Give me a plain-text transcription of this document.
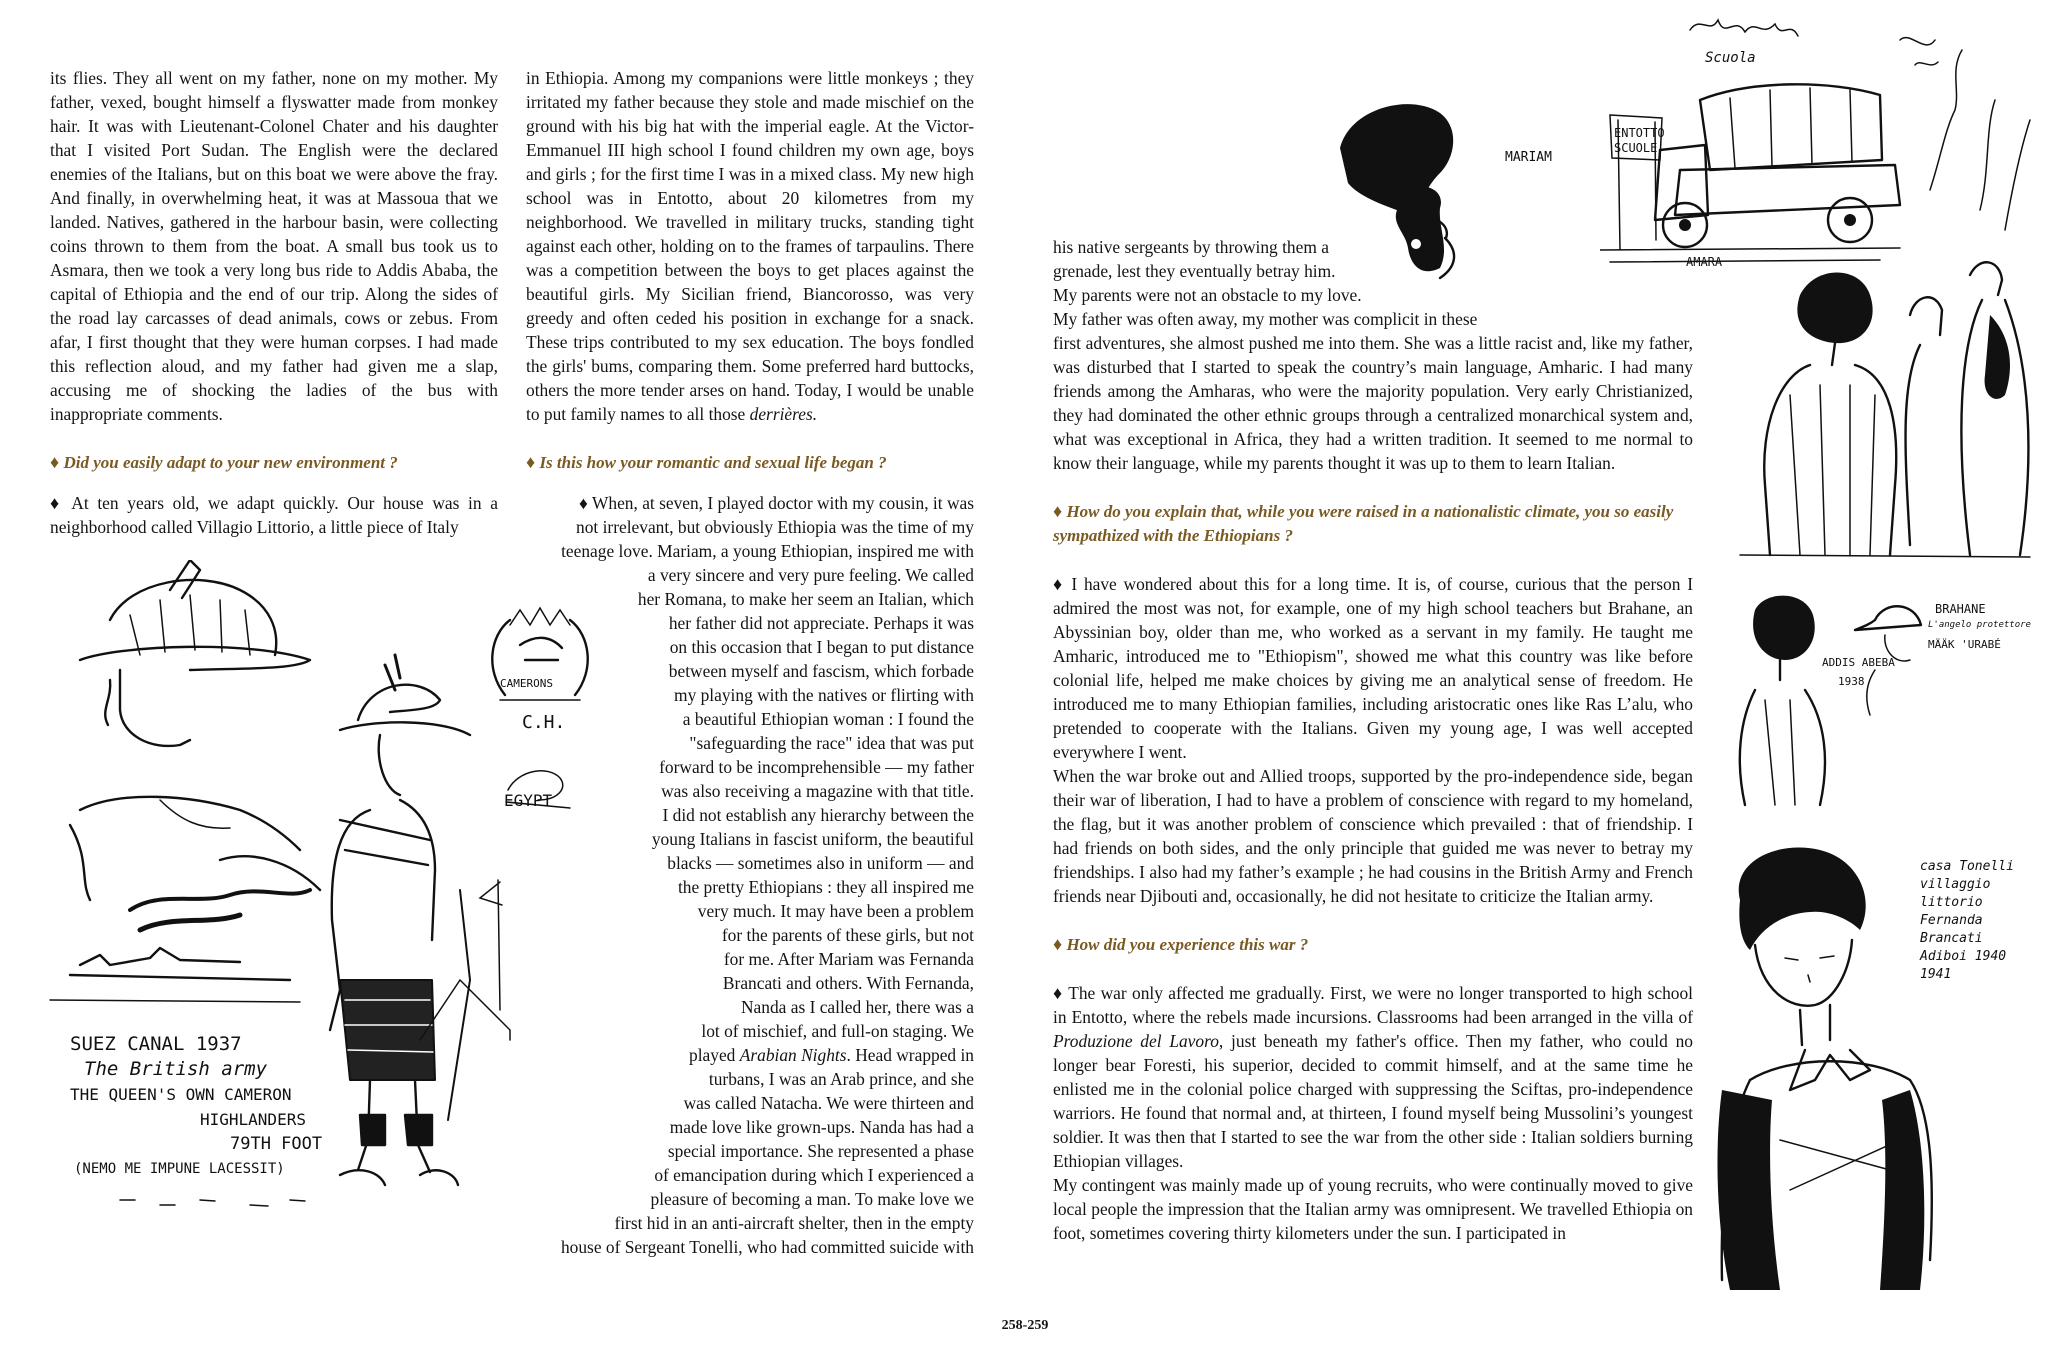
its flies. They all went on my father, none on my mother. My father, vexed, bought himself a flyswatter made from monkey hair. It was with Lieutenant-Colonel Chater and his daughter that I visited Port Sudan. The English were the declared enemies of the Italians, but on this boat we were above the fray. And finally, in overwhelming heat, it was at Massoua that we landed. Natives, gathered in the harbour basin, were collecting coins thrown to them from the boat. A small bus took us to Asmara, then we took a very long bus ride to Addis Ababa, the capital of Ethiopia and the end of our trip. Along the sides of the road lay carcasses of dead animals, cows or zebus. From afar, I first thought that they were human corpses. I had made this reflection aloud, and my father had given me a slap, accusing me of shocking the ladies of the bus with inappropriate comments.

♦ Did you easily adapt to your new environment ?

♦ At ten years old, we adapt quickly. Our house was in a neighborhood called Villagio Littorio, a little piece of Italy

in Ethiopia. Among my companions were little monkeys ; they irritated my father because they stole and made mischief on the ground with his big hat with the imperial eagle. At the Victor-Emmanuel III high school I found children my own age, boys and girls ; for the first time I was in a mixed class. My new high school was in Entotto, about 20 kilometres from my neighborhood. We travelled in military trucks, standing tight against each other, holding on to the frames of tarpaulins. There was a competition between the boys to get places against the beautiful girls. My Sicilian friend, Biancorosso, was very greedy and often ceded his position in exchange for a snack. These trips contributed to my sex education. The boys fondled the girls' bums, comparing them. Some preferred hard buttocks, others the more tender arses on hand. Today, I would be unable to put family names to all those derrières.

♦ Is this how your romantic and sexual life began ?

♦ When, at seven, I played doctor with my cousin, it was
not irrelevant, but obviously Ethiopia was the time of my
teenage love. Mariam, a young Ethiopian, inspired me with
a very sincere and very pure feeling. We called
her Romana, to make her seem an Italian, which
her father did not appreciate. Perhaps it was
on this occasion that I began to put distance
between myself and fascism, which forbade
my playing with the natives or flirting with
a beautiful Ethiopian woman : I found the
"safeguarding the race" idea that was put
forward to be incomprehensible — my father
was also receiving a magazine with that title.
I did not establish any hierarchy between the
young Italians in fascist uniform, the beautiful
blacks — sometimes also in uniform — and
the pretty Ethiopians : they all inspired me
very much. It may have been a problem
for the parents of these girls, but not
for me. After Mariam was Fernanda
Brancati and others. With Fernanda,
Nanda as I called her, there was a
lot of mischief, and full-on staging. We
played Arabian Nights. Head wrapped in
turbans, I was an Arab prince, and she
was called Natacha. We were thirteen and
made love like grown-ups. Nanda has had a
special importance. She represented a phase
of emancipation during which I experienced a
pleasure of becoming a man. To make love we
first hid in an anti-aircraft shelter, then in the empty
house of Sergeant Tonelli, who had committed suicide with
his native sergeants by throwing them a
grenade, lest they eventually betray him.
My parents were not an obstacle to my love.
My father was often away, my mother was complicit in these

first adventures, she almost pushed me into them. She was a little racist and, like my father, was disturbed that I started to speak the country’s main language, Amharic. I had many friends among the Amharas, who were the majority population. Very early Christianized, they had dominated the other ethnic groups through a centralized monarchical system and, what was exceptional in Africa, they had a written tradition. It seemed to me normal to know their language, while my parents thought it was up to them to learn Italian.

♦ How do you explain that, while you were raised in a nationalistic climate, you so easily sympathized with the Ethiopians ?

♦ I have wondered about this for a long time. It is, of course, curious that the person I admired the most was not, for example, one of my high school teachers but Brahane, an Abyssinian boy, older than me, who worked as a servant in my family. He taught me Amharic, introduced me to "Ethiopism", showed me what this country was like before colonial life, helped me make choices by giving me an analytical sense of freedom. He introduced me to many Ethiopian families, including aristocratic ones like Ras L’alu, who pretended to cooperate with the Italians. Given my young age, I was well accepted everywhere I went.

When the war broke out and Allied troops, supported by the pro-independence side, began their war of liberation, I had to have a problem of conscience with regard to my homeland, the flag, but it was another problem of conscience which prevailed : that of friendship. I had friends on both sides, and the only principle that guided me was never to betray my friendships. I also had my father’s example ; he had cousins in the British Army and French friends near Djibouti and, occasionally, he did not hesitate to criticize the Italian army.

♦ How did you experience this war ?

♦ The war only affected me gradually. First, we were no longer transported to high school in Entotto, where the rebels made incursions. Classrooms had been arranged in the villa of Produzione del Lavoro, just beneath my father's office. Then my father, who could no longer bear Foresti, his superior, decided to commit himself, and at the same time he enlisted me in the colonial police charged with suppressing the Sciftas, pro-independence warriors. He found that normal and, at thirteen, I found myself being Mussolini’s youngest soldier. It was then that I started to see the war from the other side : Italian soldiers burning Ethiopian villages.

My contingent was mainly made up of young recruits, who were continually moved to give local people the impression that the Italian army was omnipresent. We travelled Ethiopia on foot, sometimes covering thirty kilometers under the sun. I participated in

SUEZ CANAL 1937
The British army
THE QUEEN'S OWN CAMERON
HIGHLANDERS
79TH FOOT
(NEMO ME IMPUNE LACESSIT)
CAMERONS
C.H.
EGYPT
MARIAM
Scuola
ENTOTTO
SCUOLE
AMARA
BRAHANE
L'angelo protettore
MÄÄK 'URABÉ
ADDIS ABEBA
1938
casa Tonelli villaggio littorio Fernanda Brancati Adiboi 1940 1941
258-259
